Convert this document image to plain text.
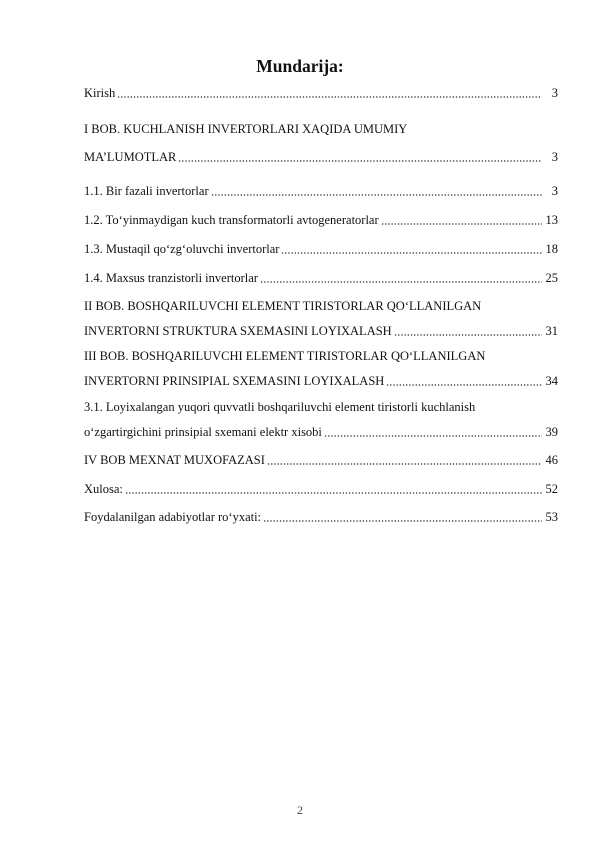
Mundarija:
Kirish	3
I BOB. KUCHLANISH INVERTORLARI XAQIDA UMUMIY
MA’LUMOTLAR	3
1.1. Bir fazali invertorlar	3
1.2. To‘yinmaydigan kuch transformatorli avtogeneratorlar	13
1.3. Mustaqil qo‘zg‘oluvchi invertorlar	18
1.4. Maxsus tranzistorli invertorlar	25
II BOB. BOSHQARILUVCHI ELEMENT TIRISTORLAR QO‘LLANILGAN
INVERTORNI STRUKTURA SXEMASINI LOYIXALASH	31
III BOB. BOSHQARILUVCHI ELEMENT TIRISTORLAR QO‘LLANILGAN
INVERTORNI PRINSIPIAL SXEMASINI LOYIXALASH	34
3.1. Loyixalangan yuqori quvvatli boshqariluvchi element tiristorli kuchlanish
o‘zgartirgichini prinsipial sxemani elektr xisobi	39
IV BOB MEXNAT MUXOFAZASI	46
Xulosa:	52
Foydalanilgan adabiyotlar ro‘yxati:	53
2
